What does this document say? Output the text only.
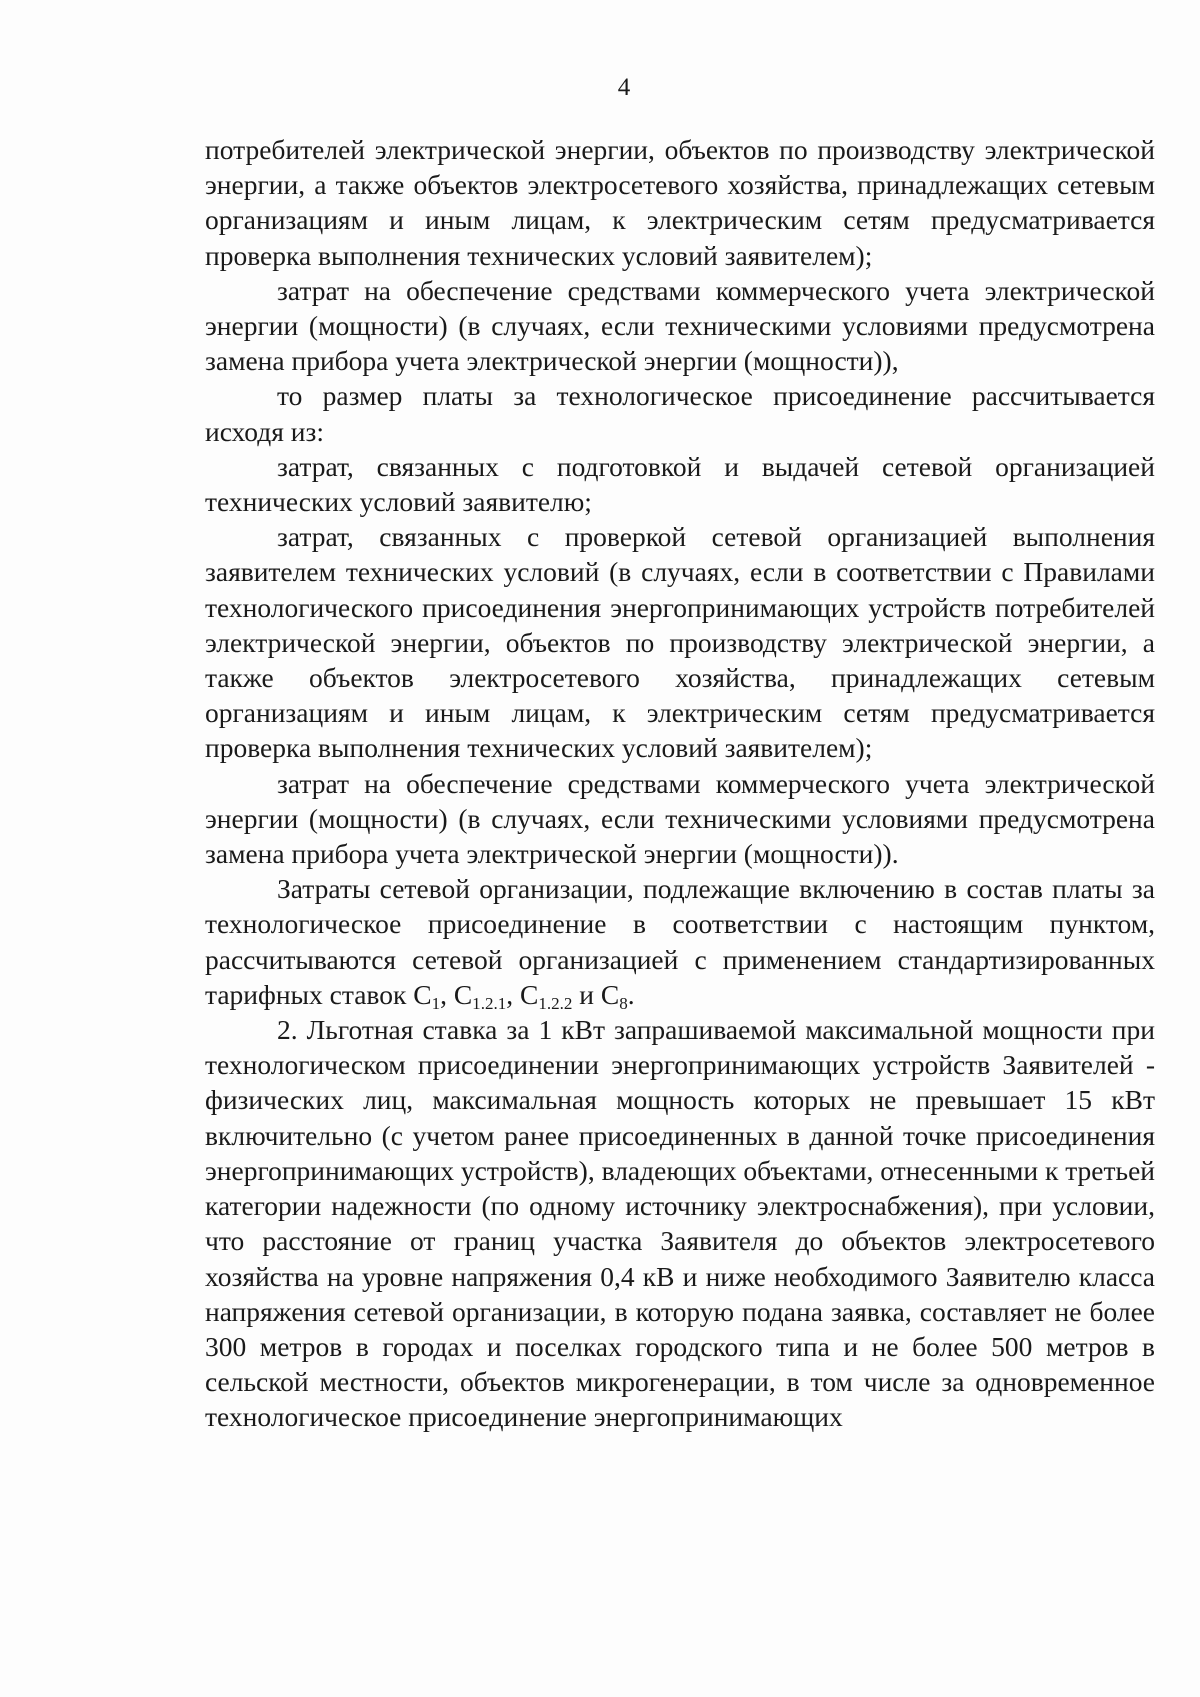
4

потребителей электрической энергии, объектов по производству электрической энергии, а также объектов электросетевого хозяйства, принадлежащих сетевым организациям и иным лицам, к электрическим сетям предусматривается проверка выполнения технических условий заявителем);

затрат на обеспечение средствами коммерческого учета электрической энергии (мощности) (в случаях, если техническими условиями предусмотрена замена прибора учета электрической энергии (мощности)),

то размер платы за технологическое присоединение рассчитывается исходя из:

затрат, связанных с подготовкой и выдачей сетевой организацией технических условий заявителю;

затрат, связанных с проверкой сетевой организацией выполнения заявителем технических условий (в случаях, если в соответствии с Правилами технологического присоединения энергопринимающих устройств потребителей электрической энергии, объектов по производству электрической энергии, а также объектов электросетевого хозяйства, принадлежащих сетевым организациям и иным лицам, к электрическим сетям предусматривается проверка выполнения технических условий заявителем);

затрат на обеспечение средствами коммерческого учета электрической энергии (мощности) (в случаях, если техническими условиями предусмотрена замена прибора учета электрической энергии (мощности)).

Затраты сетевой организации, подлежащие включению в состав платы за технологическое присоединение в соответствии с настоящим пунктом, рассчитываются сетевой организацией с применением стандартизированных тарифных ставок $С_1$, $С_{1.2.1}$, $С_{1.2.2}$ и $С_8$.

2. Льготная ставка за 1 кВт запрашиваемой максимальной мощности при технологическом присоединении энергопринимающих устройств Заявителей - физических лиц, максимальная мощность которых не превышает 15 кВт включительно (с учетом ранее присоединенных в данной точке присоединения энергопринимающих устройств), владеющих объектами, отнесенными к третьей категории надежности (по одному источнику электроснабжения), при условии, что расстояние от границ участка Заявителя до объектов электросетевого хозяйства на уровне напряжения 0,4 кВ и ниже необходимого Заявителю класса напряжения сетевой организации, в которую подана заявка, составляет не более 300 метров в городах и поселках городского типа и не более 500 метров в сельской местности, объектов микрогенерации, в том числе за одновременное технологическое присоединение энергопринимающих
